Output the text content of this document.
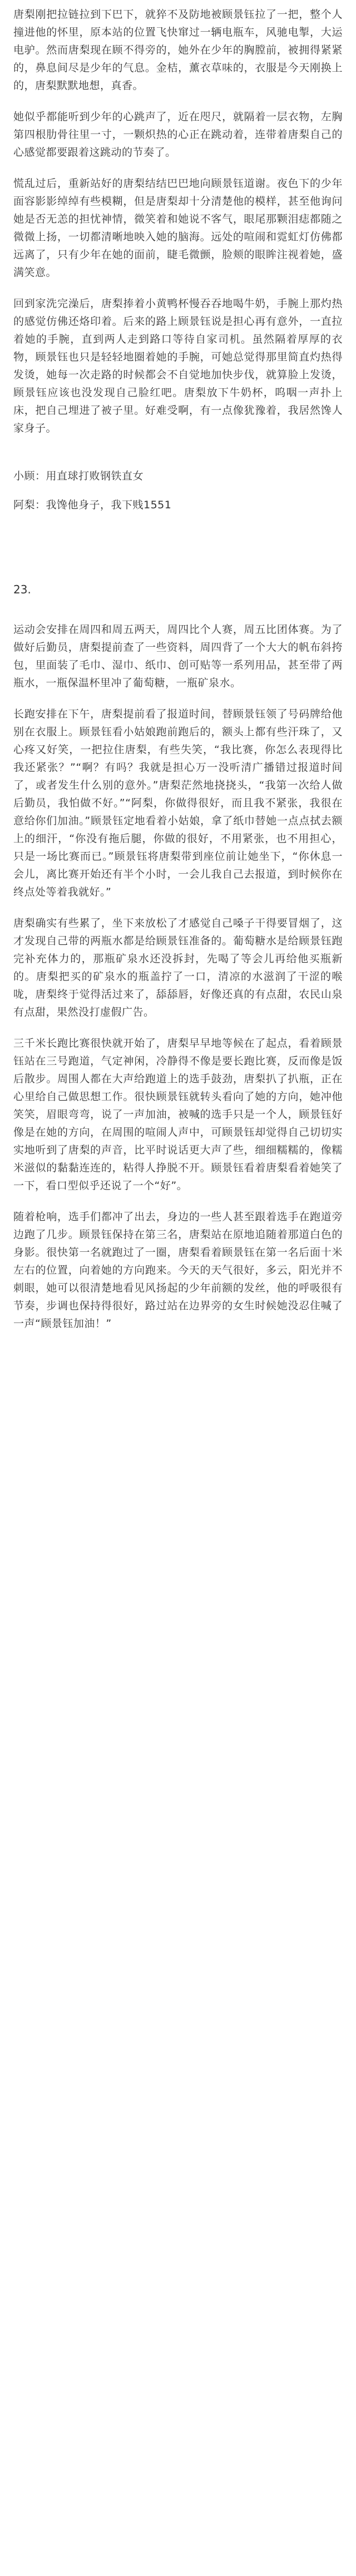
唐梨刚把拉链拉到下巴下，就猝不及防地被顾景钰拉了一把，整个人撞进他的怀里，原本站的位置飞快窜过一辆电瓶车，风驰电掣，大运电驴。然而唐梨现在顾不得旁的，她外在少年的胸膛前，被拥得紧紧的，鼻息间尽是少年的气息。金桔，薰衣草味的，衣服是今天刚换上的，唐梨默默地想，真香。

她似乎都能听到少年的心跳声了，近在咫尺，就隔着一层衣物，左胸第四根肋骨往里一寸，一颗炽热的心正在跳动着，连带着唐梨自己的心感觉都要跟着这跳动的节奏了。

慌乱过后，重新站好的唐梨结结巴巴地向顾景钰道谢。夜色下的少年面容影影绰绰有些模糊，但是唐梨却十分清楚他的模样，甚至他询问她是否无恙的担忧神情，微笑着和她说不客气，眼尾那颗泪痣都随之微微上扬，一切都清晰地映入她的脑海。远处的喧闹和霓虹灯仿佛都远离了，只有少年在她的面前，睫毛微颤，脸颊的眼眸注视着她，盛满笑意。

回到家洗完澡后，唐梨捧着小黄鸭杯慢吞吞地喝牛奶，手腕上那灼热的感觉仿佛还烙印着。后来的路上顾景钰说是担心再有意外，一直拉着她的手腕，直到两人走到路口等待自家司机。虽然隔着厚厚的衣物，顾景钰也只是轻轻地圈着她的手腕，可她总觉得那里简直灼热得发烫，她每一次走路的时候都会不自觉地加快步伐，就算脸上发烫，顾景钰应该也没发现自己脸红吧。唐梨放下牛奶杯，呜咽一声扑上床，把自己埋进了被子里。好难受啊，有一点像犹豫着，我居然馋人家身子。

小顾：用直球打败钢铁直女

阿梨：我馋他身子，我下贱1551

23.

运动会安排在周四和周五两天，周四比个人赛，周五比团体赛。为了做好后勤员，唐梨提前查了一些资料，周四背了一个大大的帆布斜挎包，里面装了毛巾、湿巾、纸巾、创可贴等一系列用品，甚至带了两瓶水，一瓶保温杯里冲了葡萄糖，一瓶矿泉水。

长跑安排在下午，唐梨提前看了报道时间，替顾景钰领了号码牌给他别在衣服上。顾景钰看小姑娘跑前跑后的，额头上都有些汗珠了，又心疼又好笑，一把拉住唐梨，有些失笑，“我比赛，你怎么表现得比我还紧张？”“啊？有吗？我就是担心万一没听清广播错过报道时间了，或者发生什么别的意外。”唐梨茫然地挠挠头，“我第一次给人做后勤员，我怕做不好。”“阿梨，你做得很好，而且我不紧张，我很在意给你们加油。”顾景钰定地看着小姑娘，拿了纸巾替她一点点拭去额上的细汗，“你没有拖后腿，你做的很好，不用紧张，也不用担心，只是一场比赛而已。”顾景钰将唐梨带到座位前让她坐下，“你休息一会儿，离比赛开始还有半个小时，一会儿我自己去报道，到时候你在终点处等着我就好。”

唐梨确实有些累了，坐下来放松了才感觉自己嗓子干得要冒烟了，这才发现自己带的两瓶水都是给顾景钰准备的。葡萄糖水是给顾景钰跑完补充体力的，那瓶矿泉水还没拆封，先喝了等会儿再给他买瓶新的。唐梨把买的矿泉水的瓶盖拧了一口，清凉的水滋润了干涩的喉咙，唐梨终于觉得活过来了，舔舔唇，好像还真的有点甜，农民山泉有点甜，果然没打虚假广告。

三千米长跑比赛很快就开始了，唐梨早早地等候在了起点，看着顾景钰站在三号跑道，气定神闲，冷静得不像是要长跑比赛，反而像是饭后散步。周围人都在大声给跑道上的选手鼓劲，唐梨扒了扒瓶，正在心里给自己做思想工作。很快顾景钰就转头看向了她的方向，她冲他笑笑，眉眼弯弯，说了一声加油，被喊的选手只是一个人，顾景钰好像是在她的方向，在周围的喧闹人声中，可顾景钰却觉得自己切切实实地听到了唐梨的声音，比平时说话更大声了些，细细糯糯的，像糯米滋似的黏黏连连的，粘得人挣脱不开。顾景钰看着唐梨看着她笑了一下，看口型似乎还说了一个“好”。

随着枪响，选手们都冲了出去，身边的一些人甚至跟着选手在跑道旁边跑了几步。顾景钰保持在第三名，唐梨站在原地追随着那道白色的身影。很快第一名就跑过了一圈，唐梨看着顾景钰在第一名后面十米左右的位置，向着她的方向跑来。今天的天气很好，多云，阳光并不刺眼，她可以很清楚地看见风扬起的少年前额的发丝，他的呼吸很有节奏，步调也保持得很好，路过站在边界旁的女生时候她没忍住喊了一声“顾景钰加油！”
